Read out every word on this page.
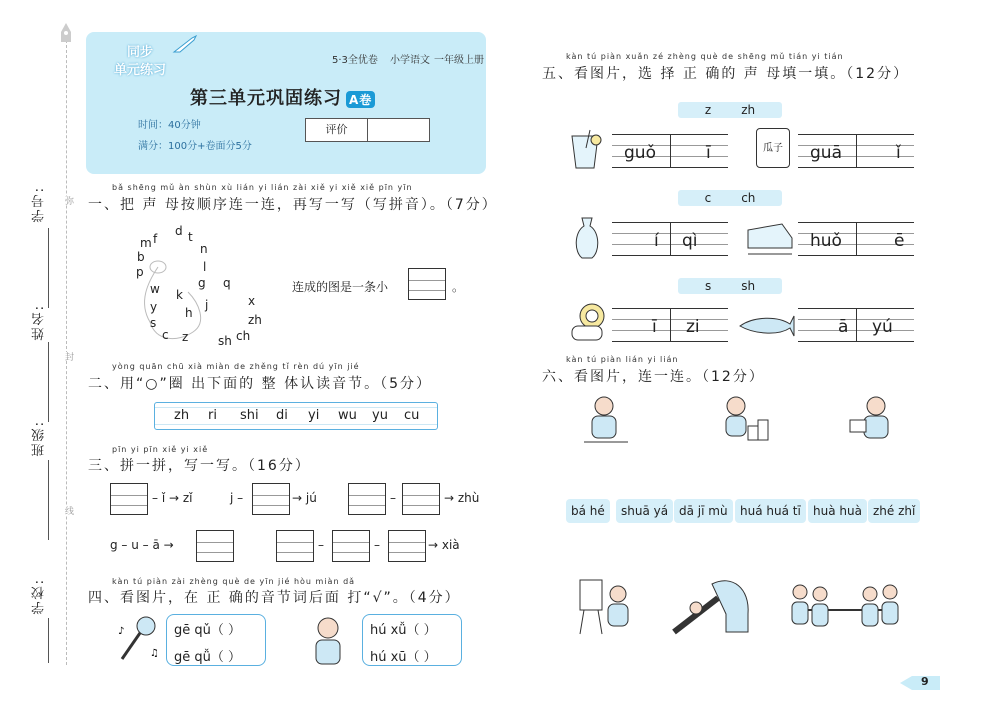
学号:
姓名:
班级:
学校:
弥
封
线
同步
单元练习
5·3全优卷 小学语文 一年级上册
第三单元巩固练习 A卷
时间：40分钟
满分：100分+卷面分5分
评价
bǎ shēng mǔ àn shùn xù lián yi lián zài xiě yi xiě xiě pīn yīn
一、把 声 母按顺序连一连，再写一写（写拼音）。（7分）
m
d t
n
f
l
b
p
g
k
h
w
y	j
q
x
s
z
zh
c	ch
sh
连成的图是一条小	。
yòng quān chū xià miàn de zhěng tǐ rèn dú yīn jié
二、用“○”圈 出下面的 整 体认读音节。（5分）
zh ri shi di yi wu yu cu
pīn yi pīn xiě yi xiě
三、拼一拼，写一写。（16分）
– ǐ → zǐ	j –	→ jú	–	→ zhù
g – u – ā →	–	–	→ xià
kàn tú piàn zài zhèng què de yīn jié hòu miàn dǎ
四、看图片，在 正 确的音节词后面 打“√”。（4分）
♪
♫
gē qǔ（ ）
gē qǚ（ ）
hú xǚ（ ）
hú xū（ ）
kàn tú piàn xuǎn zé zhèng què de shēng mǔ tián yi tián
五、看图片，选 择 正 确的 声 母填一填。（12分）
z	zh
guǒ	ī	瓜子	guā	ǐ
c	ch
í qì	huǒ	ē
s	sh
ī zi	ā yú
kàn tú piàn lián yi lián
六、看图片，连一连。（12分）
bá hé	shuā yá dā jī mù	huá huá tī	huà huà zhé zhǐ
9
